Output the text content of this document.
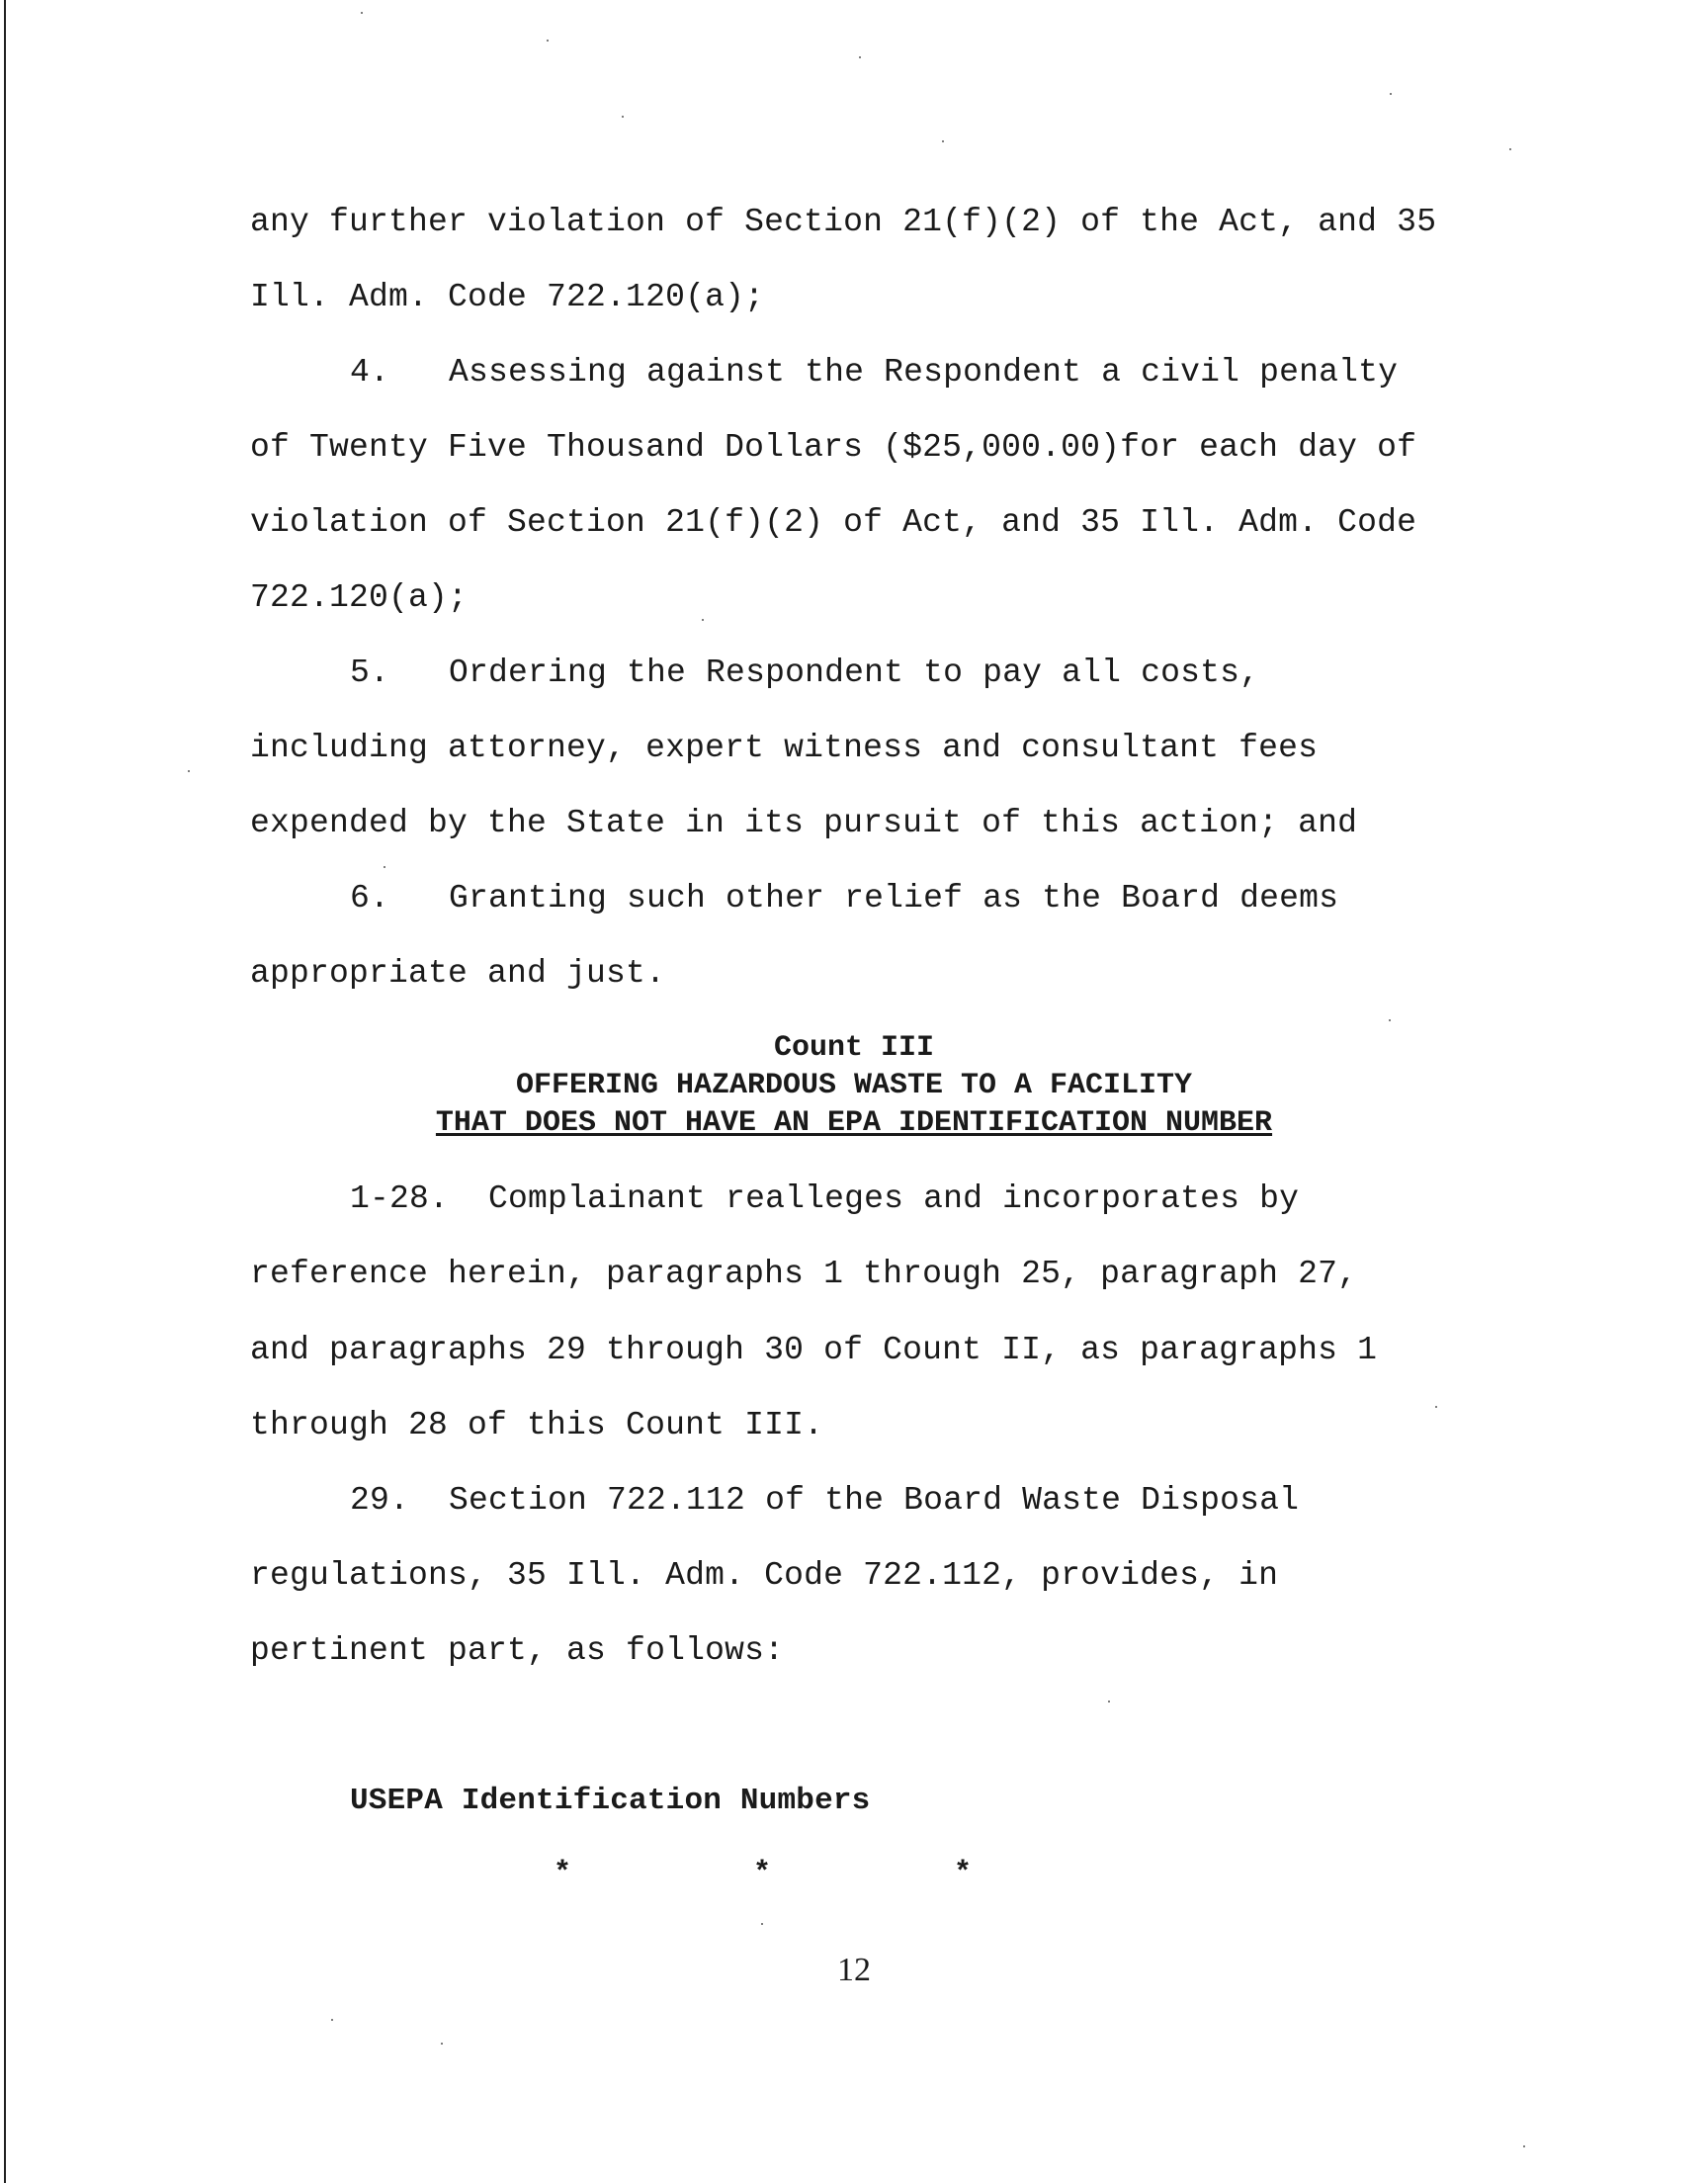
any further violation of Section 21(f)(2) of the Act, and 35
Ill. Adm. Code 722.120(a);
4.   Assessing against the Respondent a civil penalty
of Twenty Five Thousand Dollars ($25,000.00)for each day of
violation of Section 21(f)(2) of Act, and 35 Ill. Adm. Code
722.120(a);
5.   Ordering the Respondent to pay all costs,
including attorney, expert witness and consultant fees
expended by the State in its pursuit of this action; and
6.   Granting such other relief as the Board deems
appropriate and just.
Count III
OFFERING HAZARDOUS WASTE TO A FACILITY
THAT DOES NOT HAVE AN EPA IDENTIFICATION NUMBER
1-28.  Complainant realleges and incorporates by
reference herein, paragraphs 1 through 25, paragraph 27,
and paragraphs 29 through 30 of Count II, as paragraphs 1
through 28 of this Count III.
29.  Section 722.112 of the Board Waste Disposal
regulations, 35 Ill. Adm. Code 722.112, provides, in
pertinent part, as follows:
USEPA Identification Numbers
*	*	*
12
